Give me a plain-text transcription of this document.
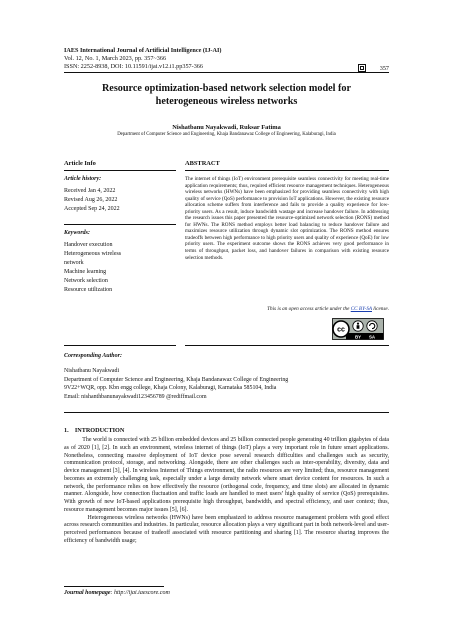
IAES International Journal of Artificial Intelligence (IJ-AI)
Vol. 12, No. 1, March 2023, pp. 357~366
ISSN: 2252-8938, DOI: 10.11591/ijai.v12.i1.pp357-366	357
Resource optimization-based network selection model for
heterogeneous wireless networks
Nishatbanu Nayakwadi, Ruksar Fatima
Department of Computer Science and Engineering, Khaja Bandanawaz College of Engineering, Kalaburagi, India
Article Info	ABSTRACT
Article history:
Received Jan 4, 2022
Revised Aug 26, 2022
Accepted Sep 24, 2022
Keywords:
Handover execution
Heterogeneous wireless
network
Machine learning
Network selection
Resource utilization
The internet of things (IoT) environment prerequisite seamless connectivity for meeting real-time application requirements; thus, required efficient resource management techniques. Heterogeneous wireless networks (HWNs) have been emphasized for providing seamless connectivity with high quality of service (QoS) performance to provision IoT applications. However, the existing resource allocation scheme suffers from interference and fails to provide a quality experience for low-priority users. As a result, induce bandwidth wastage and increase handover failure. In addressing the research issues this paper presented the resource-optimized network selection (RONS) method for HWNs. The RONS method employs better load balancing to reduce handover failure and maximizes resource utilization through dynamic slot optimization. The RONS method ensures tradeoffs between high performance to high priority users and quality of experience (QoE) for low priority users. The experiment outcome shows the RONS achieves very good performance in terms of throughput, packet loss, and handover failures in comparison with existing resource selection methods.
This is an open access article under the CC BY-SA license.
cc
BY SA
Corresponding Author:
Nishatbanu Nayakwadi
Department of Computer Science and Engineering, Khaja Bandanawaz College of Engineering
9V22+WQR, opp. Kbn engg college, Khaja Colony, Kalaburagi, Karnataka 585104, India
Email: nishanthbanunayakwadi123456789 @rediffmail.com
1.    INTRODUCTION
The world is connected with 25 billion embedded devices and 25 billion connected people generating 40 trillion gigabytes of data as of 2020 [1], [2]. In such an environment, wireless internet of things (IoT) plays a very important role in future smart applications. Nonetheless, connecting massive deployment of IoT device pose several research difficulties and challenges such as security, communication protocol, storage, and networking. Alongside, there are other challenges such as inter-operability, diversity, data and device management [3], [4]. In wireless Internet of Things environment, the radio resources are very limited; thus, resource management becomes an extremely challenging task, especially under a large density network where smart device content for resources. In such a network, the performance relies on how effectively the resource (orthogonal code, frequency, and time slots) are allocated in dynamic manner. Alongside, how connection fluctuation and traffic loads are handled to meet users’ high quality of service (QoS) prerequisites. With growth of new IoT-based applications prerequisite high throughput, bandwidth, and spectral efficiency, and user context; thus, resource management becomes major issues [5], [6].
Heterogeneous wireless networks (HWNs) have been emphasized to address resource management problem with good effect across research communities and industries. In particular, resource allocation plays a very significant part in both network-level and user-perceived performances because of tradeoff associated with resource partitioning and sharing [1]. The resource sharing improves the efficiency of bandwidth usage;
Journal homepage: http://ijai.iaescore.com
